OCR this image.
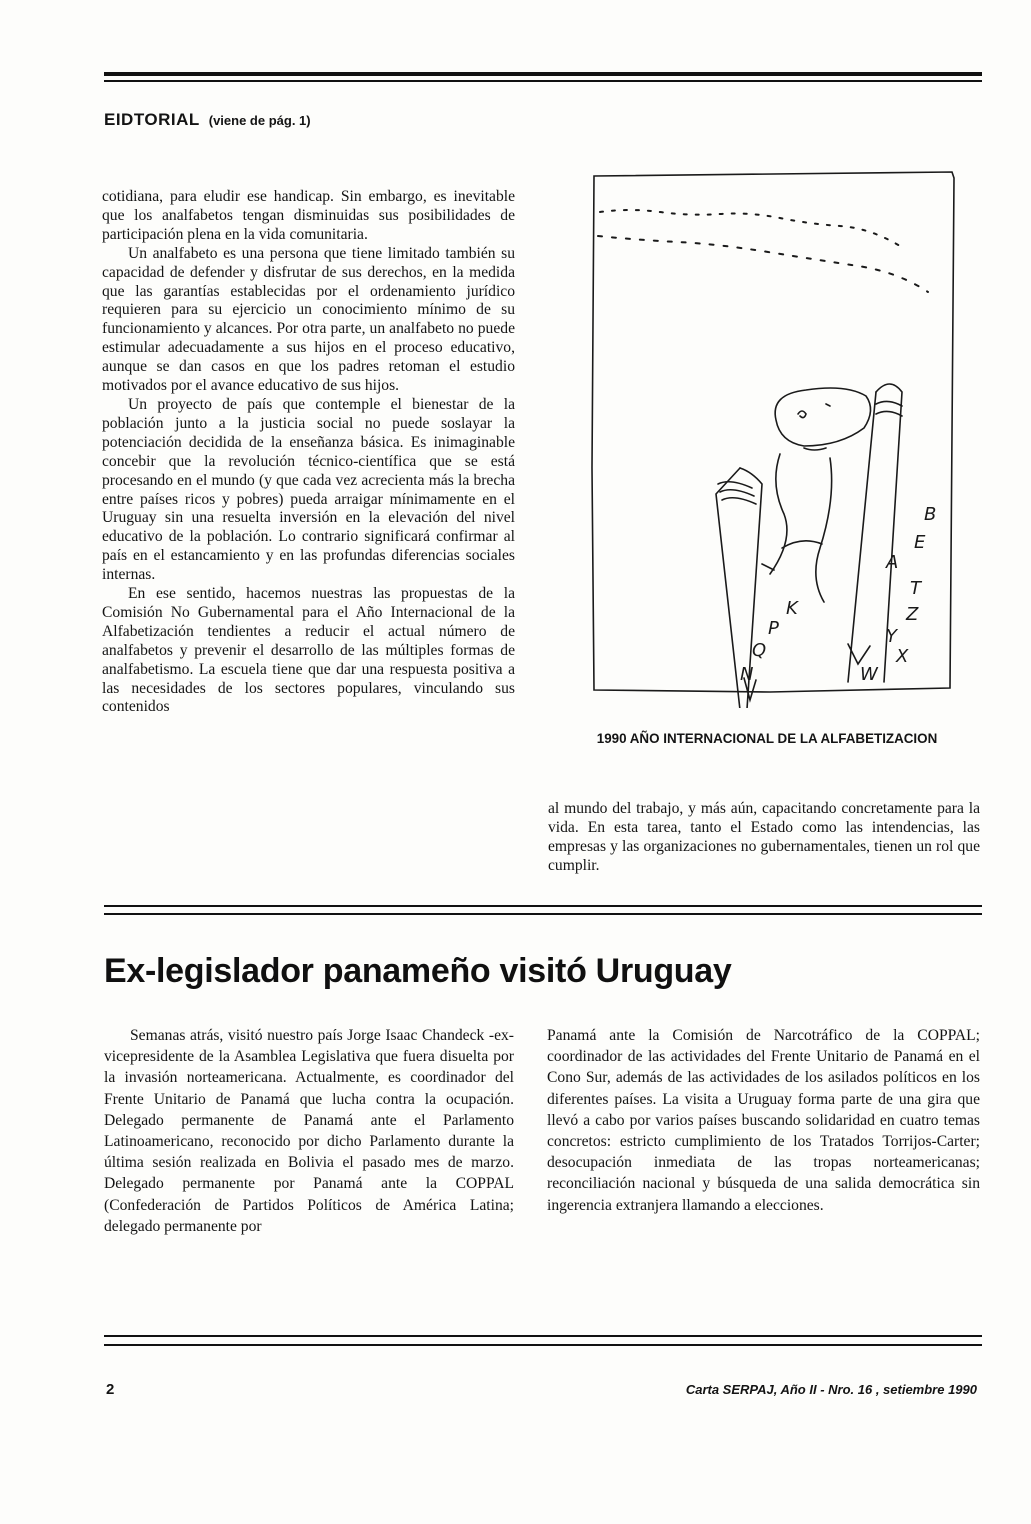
EIDTORIAL (viene de pág. 1)

cotidiana, para eludir ese handicap. Sin embargo, es inevitable que los analfabetos tengan disminuidas sus posibilidades de participación plena en la vida comunitaria.

Un analfabeto es una persona que tiene limitado también su capacidad de defender y disfrutar de sus derechos, en la medida que las garantías establecidas por el ordenamiento jurídico requieren para su ejercicio un conocimiento mínimo de su funcionamiento y alcances. Por otra parte, un analfabeto no puede estimular adecuadamente a sus hijos en el proceso educativo, aunque se dan casos en que los padres retoman el estudio motivados por el avance educativo de sus hijos.

Un proyecto de país que contemple el bienestar de la población junto a la justicia social no puede soslayar la potenciación decidida de la enseñanza básica. Es inimaginable concebir que la revolución técnico-científica que se está procesando en el mundo (y que cada vez acrecienta más la brecha entre países ricos y pobres) pueda arraigar mínimamente en el Uruguay sin una resuelta inversión en la elevación del nivel educativo de la población. Lo contrario significará confirmar al país en el estancamiento y en las profundas diferencias sociales internas.

En ese sentido, hacemos nuestras las propuestas de la Comisión No Gubernamental para el Año Internacional de la Alfabetización tendientes a reducir el actual número de analfabetos y prevenir el desarrollo de las múltiples formas de analfabetismo. La escuela tiene que dar una respuesta positiva a las necesidades de los sectores populares, vinculando sus contenidos

B
E
A
T
Z
Y
X
W
K
P
Q
N
1990 AÑO INTERNACIONAL DE LA ALFABETIZACION

al mundo del trabajo, y más aún, capacitando concretamente para la vida. En esta tarea, tanto el Estado como las intendencias, las empresas y las organizaciones no gubernamentales, tienen un rol que cumplir.

Ex-legislador panameño visitó Uruguay

Semanas atrás, visitó nuestro país Jorge Isaac Chandeck -ex-vicepresidente de la Asamblea Legislativa que fuera disuelta por la invasión norteamericana. Actualmente, es coordinador del Frente Unitario de Panamá que lucha contra la ocupación. Delegado permanente de Panamá ante el Parlamento Latinoamericano, reconocido por dicho Parlamento durante la última sesión realizada en Bolivia el pasado mes de marzo. Delegado permanente por Panamá ante la COPPAL (Confederación de Partidos Políticos de América Latina; delegado permanente por

Panamá ante la Comisión de Narcotráfico de la COPPAL; coordinador de las actividades del Frente Unitario de Panamá en el Cono Sur, además de las actividades de los asilados políticos en los diferentes países. La visita a Uruguay forma parte de una gira que llevó a cabo por varios países buscando solidaridad en cuatro temas concretos: estricto cumplimiento de los Tratados Torrijos-Carter; desocupación inmediata de las tropas norteamericanas; reconciliación nacional y búsqueda de una salida democrática sin ingerencia extranjera llamando a elecciones.

2	Carta SERPAJ, Año II - Nro. 16 , setiembre 1990
